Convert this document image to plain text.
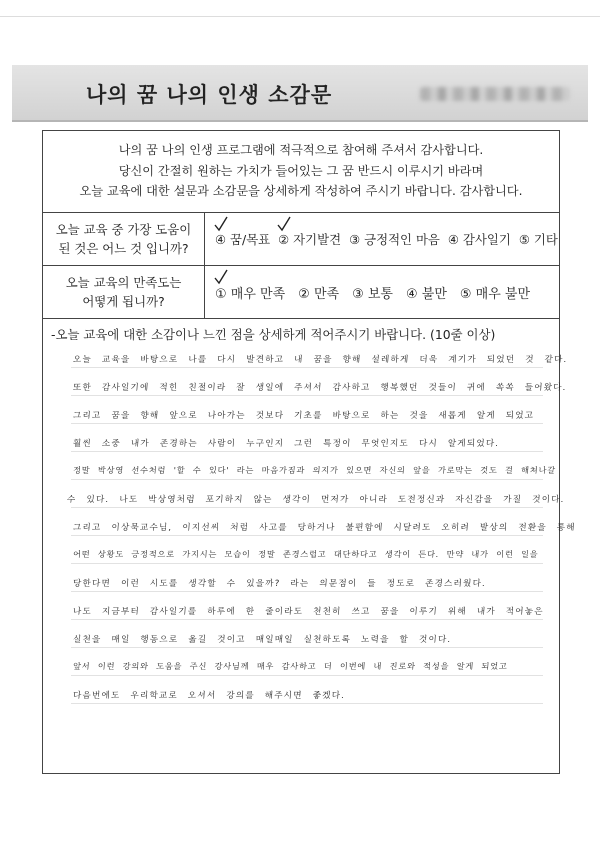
나의 꿈 나의 인생 소감문
나의 꿈 나의 인생 프로그램에 적극적으로 참여해 주셔서 감사합니다.
당신이 간절히 원하는 가치가 들어있는 그 꿈 반드시 이루시기 바라며
오늘 교육에 대한 설문과 소감문을 상세하게 작성하여 주시기 바랍니다. 감사합니다.
오늘 교육 중 가장 도움이
된 것은 어느 것 입니까?
④ 꿈/목표 ② 자기발견 ③ 긍정적인 마음 ④ 감사일기 ⑤ 기타
오늘 교육의 만족도는
어떻게 됩니까?	① 매우 만족 ② 만족 ③ 보통 ④ 불만 ⑤ 매우 불만
-오늘 교육에 대한 소감이나 느낀 점을 상세하게 적어주시기 바랍니다. (10줄 이상)
오늘 교육을 바탕으로 나를 다시 발견하고 내 꿈을 향해 설레하게 더욱 계기가 되었던 것 같다.
또한 감사일기에 적힌 친절이라 잘 생일에 주셔서 감사하고 행복했던 것들이 귀에 쏙쏙 들어왔다.
그리고 꿈을 향해 앞으로 나아가는 것보다 기초를 바탕으로 하는 것을 새롭게 알게 되었고
훨씬 소중 내가 존경하는 사람이 누구인지 그런 특정이 무엇인지도 다시 알게되었다.
정말 박상영 선수처럼 '할 수 있다' 라는 마음가짐과 의지가 있으면 자신의 앞을 가로막는 것도 걸 해쳐나갈
수 있다. 나도 박상영처럼 포기하지 않는 생각이 먼저가 아니라 도전정신과 자신감을 가질 것이다.
그리고 이상묵교수님, 이지선씨 처럼 사고를 당하거나 불편함에 시달려도 오히려 발상의 전환을 통해
어떤 상황도 긍정적으로 가지시는 모습이 정말 존경스럽고 대단하다고 생각이 든다. 만약 내가 이런 일을
당한다면 이런 시도를 생각할 수 있을까? 라는 의문점이 들 정도로 존경스러웠다.
나도 지금부터 감사일기를 하루에 한 줄이라도 천천히 쓰고 꿈을 이루기 위해 내가 적어놓은
실천을 매일 행동으로 옮길 것이고 매일매일 실천하도록 노력을 할 것이다.
앞서 이런 강의와 도움을 주신 강사님께 매우 감사하고 더 이번에 내 진로와 적성을 알게 되었고
다음번에도 우리학교로 오셔서 강의를 해주시면 좋겠다.
